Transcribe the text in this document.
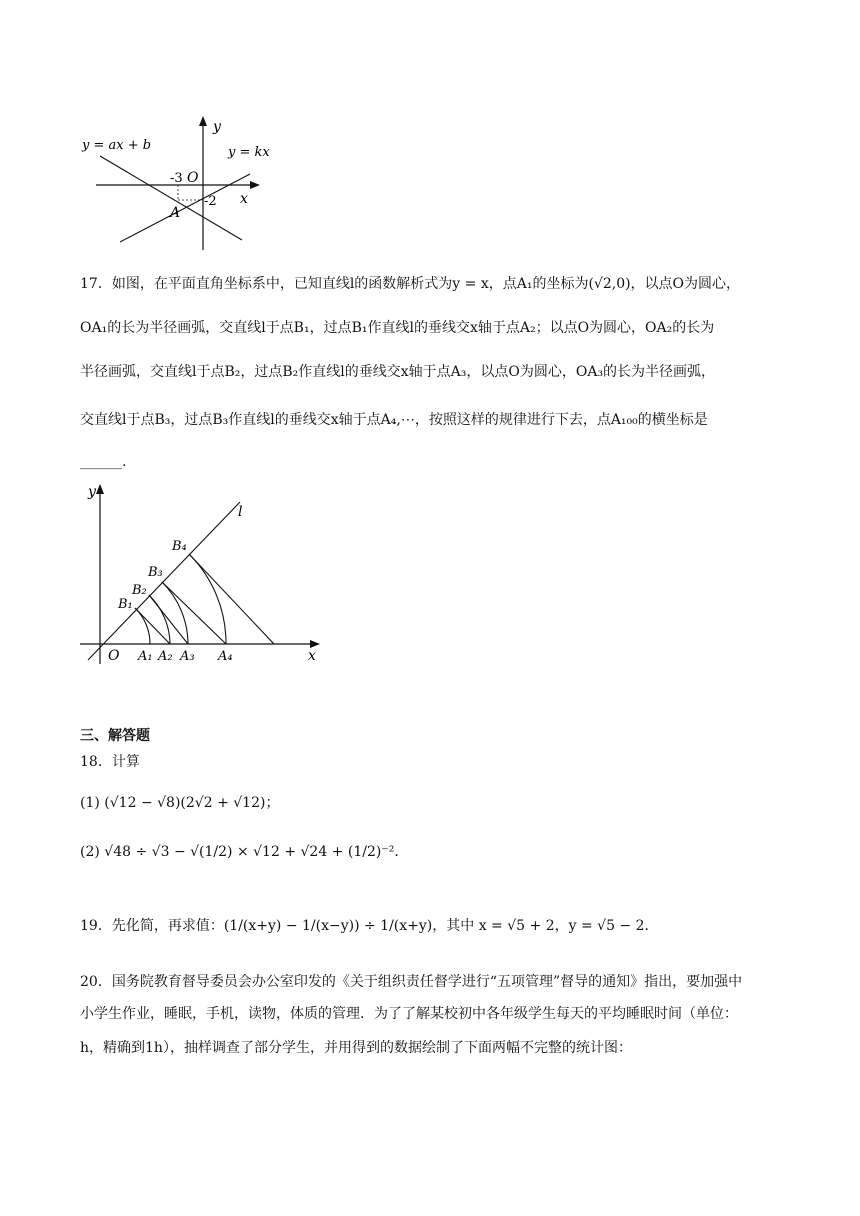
y = ax + b	y = kx
y
x
O
-3
-2
A
17．如图，在平面直角坐标系中，已知直线l的函数解析式为y = x，点A₁的坐标为(√2,0)，以点O为圆心，
OA₁的长为半径画弧，交直线l于点B₁，过点B₁作直线l的垂线交x轴于点A₂；以点O为圆心，OA₂的长为
半径画弧，交直线l于点B₂，过点B₂作直线l的垂线交x轴于点A₃，以点O为圆心，OA₃的长为半径画弧，
交直线l于点B₃，过点B₃作直线l的垂线交x轴于点A₄,⋯，按照这样的规律进行下去，点A₁₀₀的横坐标是
______.
y
x
l
O A₁ A₂ A₃ A₄
B₁
B₂
B₃
B₄
三、解答题
18．计算
(1) (√12 − √8)(2√2 + √12)；
(2) √48 ÷ √3 − √(1/2) × √12 + √24 + (1/2)⁻²．
19．先化简，再求值：(1/(x+y) − 1/(x−y)) ÷ 1/(x+y)，其中 x = √5 + 2，y = √5 − 2．
20．国务院教育督导委员会办公室印发的《关于组织责任督学进行“五项管理”督导的通知》指出，要加强中
小学生作业，睡眠，手机，读物，体质的管理．为了了解某校初中各年级学生每天的平均睡眠时间（单位：
h，精确到1h），抽样调查了部分学生，并用得到的数据绘制了下面两幅不完整的统计图：
